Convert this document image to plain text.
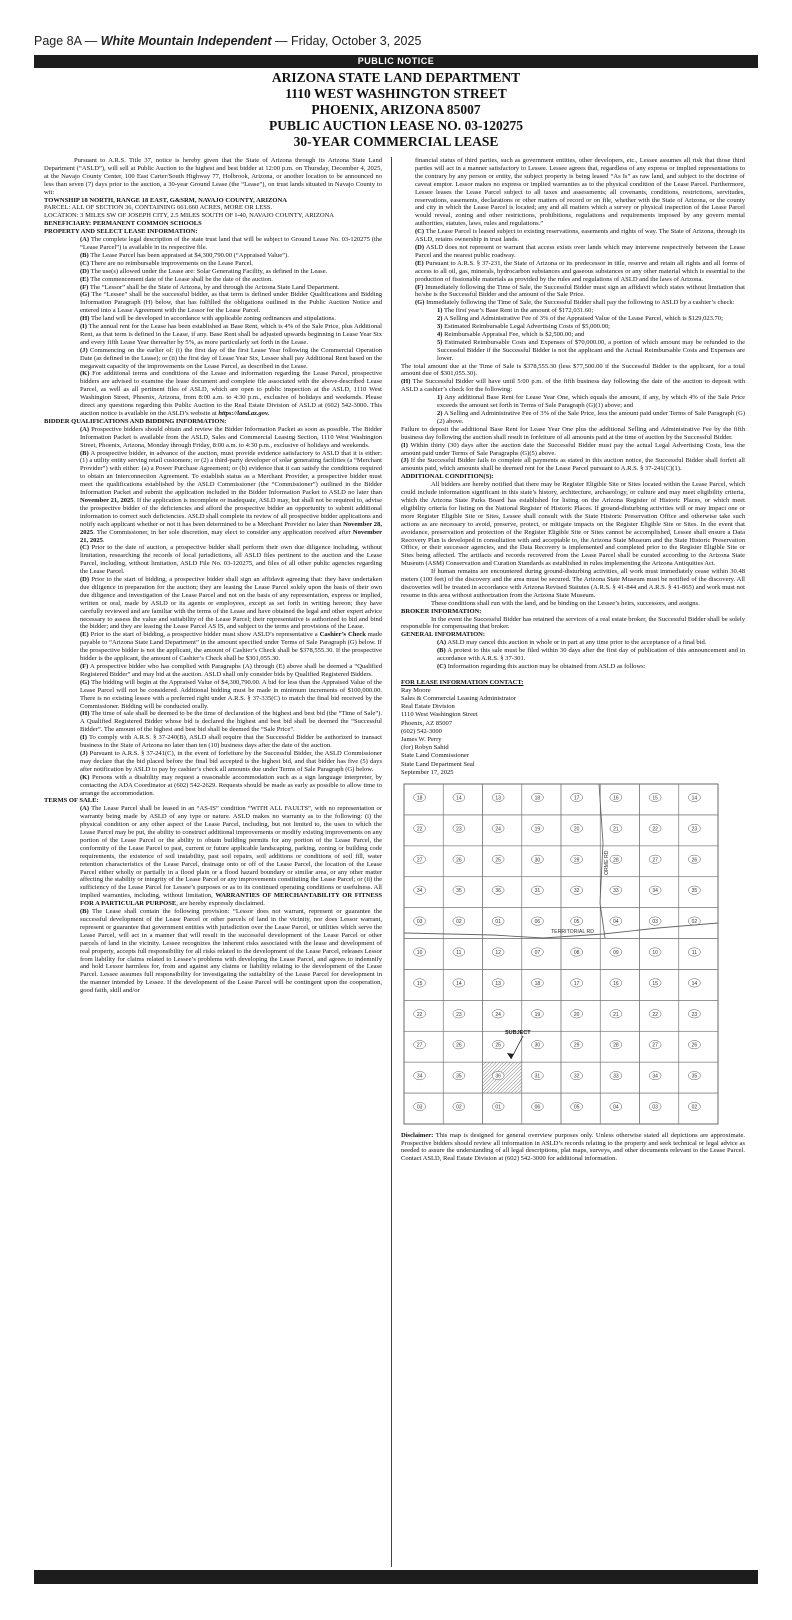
Page 8A — White Mountain Independent — Friday, October 3, 2025
PUBLIC NOTICE
ARIZONA STATE LAND DEPARTMENT
1110 WEST WASHINGTON STREET
PHOENIX, ARIZONA 85007
PUBLIC AUCTION LEASE NO. 03-120275
30-YEAR COMMERCIAL LEASE

Pursuant to A.R.S. Title 37, notice is hereby given that the State of Arizona through its Arizona State Land Department (“ASLD”), will sell at Public Auction to the highest and best bidder at 12:00 p.m. on Thursday, December 4, 2025, at the Navajo County Center, 100 East Carter/South Highway 77, Holbrook, Arizona, or another location to be announced no less than seven (7) days prior to the auction, a 30-year Ground Lease (the “Lease”), on trust lands situated in Navajo County to wit:

TOWNSHIP 18 NORTH, RANGE 18 EAST, G&SRM, NAVAJO COUNTY, ARIZONA

PARCEL: ALL OF SECTION 36, CONTAINING 661.660 ACRES, MORE OR LESS.

LOCATION: 3 MILES SW OF JOSEPH CITY, 2.5 MILES SOUTH OF I-40, NAVAJO COUNTY, ARIZONA

BENEFICIARY: PERMANENT COMMON SCHOOLS

PROPERTY AND SELECT LEASE INFORMATION:

(A) The complete legal description of the state trust land that will be subject to Ground Lease No. 03-120275 (the “Lease Parcel”) is available in its respective file.

(B) The Lease Parcel has been appraised at $4,300,790.00 (“Appraised Value”).

(C) There are no reimbursable improvements on the Lease Parcel.

(D) The use(s) allowed under the Lease are: Solar Generating Facility, as defined in the Lease.

(E) The commencement date of the Lease shall be the date of the auction.

(F) The “Lessor” shall be the State of Arizona, by and through the Arizona State Land Department.

(G) The “Lessee” shall be the successful bidder, as that term is defined under Bidder Qualifications and Bidding Information Paragraph (H) below, that has fulfilled the obligations outlined in the Public Auction Notice and entered into a Lease Agreement with the Lessor for the Lease Parcel.

(H) The land will be developed in accordance with applicable zoning ordinances and stipulations.

(I) The annual rent for the Lease has been established as Base Rent, which is 4% of the Sale Price, plus Additional Rent, as that term is defined in the Lease, if any. Base Rent shall be adjusted upwards beginning in Lease Year Six and every fifth Lease Year thereafter by 5%, as more particularly set forth in the Lease.

(J) Commencing on the earlier of: (i) the first day of the first Lease Year following the Commercial Operation Date (as defined in the Lease); or (ii) the first day of Lease Year Six, Lessee shall pay Additional Rent based on the megawatt capacity of the improvements on the Lease Parcel, as described in the Lease.

(K) For additional terms and conditions of the Lease and information regarding the Lease Parcel, prospective bidders are advised to examine the lease document and complete file associated with the above-described Lease Parcel, as well as all pertinent files of ASLD, which are open to public inspection at the ASLD, 1110 West Washington Street, Phoenix, Arizona, from 8:00 a.m. to 4:30 p.m., exclusive of holidays and weekends. Please direct any questions regarding this Public Auction to the Real Estate Division of ASLD at (602) 542-3000. This auction notice is available on the ASLD’s website at https://land.az.gov.

BIDDER QUALIFICATIONS AND BIDDING INFORMATION:

(A) Prospective bidders should obtain and review the Bidder Information Packet as soon as possible. The Bidder Information Packet is available from the ASLD, Sales and Commercial Leasing Section, 1110 West Washington Street, Phoenix, Arizona, Monday through Friday, 8:00 a.m. to 4:30 p.m., exclusive of holidays and weekends.

(B) A prospective bidder, in advance of the auction, must provide evidence satisfactory to ASLD that it is either: (1) a utility entity serving retail customers; or (2) a third-party developer of solar generating facilities (a “Merchant Provider”) with either: (a) a Power Purchase Agreement; or (b) evidence that it can satisfy the conditions required to obtain an Interconnection Agreement. To establish status as a Merchant Provider, a prospective bidder must meet the qualifications established by the ASLD Commissioner (the “Commissioner”) outlined in the Bidder Information Packet and submit the application included in the Bidder Information Packet to ASLD no later than November 21, 2025. If the application is incomplete or inadequate, ASLD may, but shall not be required to, advise the prospective bidder of the deficiencies and afford the prospective bidder an opportunity to submit additional information to correct such deficiencies. ASLD shall complete its review of all prospective bidder applications and notify each applicant whether or not it has been determined to be a Merchant Provider no later than November 28, 2025. The Commissioner, in her sole discretion, may elect to consider any application received after November 21, 2025.

(C) Prior to the date of auction, a prospective bidder shall perform their own due diligence including, without limitation, researching the records of local jurisdictions, all ASLD files pertinent to the auction and the Lease Parcel, including, without limitation, ASLD File No. 03-120275, and files of all other public agencies regarding the Lease Parcel.

(D) Prior to the start of bidding, a prospective bidder shall sign an affidavit agreeing that: they have undertaken due diligence in preparation for the auction; they are leasing the Lease Parcel solely upon the basis of their own due diligence and investigation of the Lease Parcel and not on the basis of any representation, express or implied, written or oral, made by ASLD or its agents or employees, except as set forth in writing hereon; they have carefully reviewed and are familiar with the terms of the Lease and have obtained the legal and other expert advice necessary to assess the value and suitability of the Lease Parcel; their representative is authorized to bid and bind the bidder; and they are leasing the Lease Parcel AS IS, and subject to the terms and provisions of the Lease.

(E) Prior to the start of bidding, a prospective bidder must show ASLD’s representative a Cashier’s Check made payable to “Arizona State Land Department” in the amount specified under Terms of Sale Paragraph (G) below. If the prospective bidder is not the applicant, the amount of Cashier’s Check shall be $378,555.30. If the prospective bidder is the applicant, the amount of Cashier’s Check shall be $301,055.30.

(F) A prospective bidder who has complied with Paragraphs (A) through (E) above shall be deemed a “Qualified Registered Bidder” and may bid at the auction. ASLD shall only consider bids by Qualified Registered Bidders.

(G) The bidding will begin at the Appraised Value of $4,300,790.00. A bid for less than the Appraised Value of the Lease Parcel will not be considered. Additional bidding must be made in minimum increments of $100,000.00. There is no existing lessee with a preferred right under A.R.S. § 37-335(C) to match the final bid received by the Commissioner. Bidding will be conducted orally.

(H) The time of sale shall be deemed to be the time of declaration of the highest and best bid (the “Time of Sale”). A Qualified Registered Bidder whose bid is declared the highest and best bid shall be deemed the “Successful Bidder”. The amount of the highest and best bid shall be deemed the “Sale Price”.

(I) To comply with A.R.S. § 37-240(B), ASLD shall require that the Successful Bidder be authorized to transact business in the State of Arizona no later than ten (10) business days after the date of the auction.

(J) Pursuant to A.R.S. § 37-241(C), in the event of forfeiture by the Successful Bidder, the ASLD Commissioner may declare that the bid placed before the final bid accepted is the highest bid, and that bidder has five (5) days after notification by ASLD to pay by cashier’s check all amounts due under Terms of Sale Paragraph (G) below.

(K) Persons with a disability may request a reasonable accommodation such as a sign language interpreter, by contacting the ADA Coordinator at (602) 542-2629. Requests should be made as early as possible to allow time to arrange the accommodation.

TERMS OF SALE:

(A) The Lease Parcel shall be leased in an “AS-IS” condition “WITH ALL FAULTS”, with no representation or warranty being made by ASLD of any type or nature. ASLD makes no warranty as to the following: (i) the physical condition or any other aspect of the Lease Parcel, including, but not limited to, the uses to which the Lease Parcel may be put, the ability to construct additional improvements or modify existing improvements on any portion of the Lease Parcel or the ability to obtain building permits for any portion of the Lease Parcel, the conformity of the Lease Parcel to past, current or future applicable landscaping, parking, zoning or building code requirements, the existence of soil instability, past soil repairs, soil additions or conditions of soil fill, water retention characteristics of the Lease Parcel, drainage onto or off of the Lease Parcel, the location of the Lease Parcel either wholly or partially in a flood plain or a flood hazard boundary or similar area, or any other matter affecting the stability or integrity of the Lease Parcel or any improvements constituting the Lease Parcel; or (ii) the sufficiency of the Lease Parcel for Lessee’s purposes or as to its continued operating conditions or usefulness. All implied warranties, including, without limitation, WARRANTIES OF MERCHANTABILITY OR FITNESS FOR A PARTICULAR PURPOSE, are hereby expressly disclaimed.

(B) The Lease shall contain the following provision: “Lessor does not warrant, represent or guarantee the successful development of the Lease Parcel or other parcels of land in the vicinity, nor does Lessor warrant, represent or guarantee that government entities with jurisdiction over the Lease Parcel, or utilities which serve the Lease Parcel, will act in a manner that will result in the successful development of the Lease Parcel or other parcels of land in the vicinity. Lessee recognizes the inherent risks associated with the lease and development of real property, accepts full responsibility for all risks related to the development of the Lease Parcel, releases Lessor from liability for claims related to Lessee’s problems with developing the Lease Parcel, and agrees to indemnify and hold Lessor harmless for, from and against any claims or liability relating to the development of the Lease Parcel. Lessee assumes full responsibility for investigating the suitability of the Lease Parcel for development in the manner intended by Lessee. If the development of the Lease Parcel will be contingent upon the cooperation, good faith, skill and/or

financial status of third parties, such as government entities, other developers, etc., Lessee assumes all risk that those third parties will act in a manner satisfactory to Lessee. Lessee agrees that, regardless of any express or implied representations to the contrary by any person or entity, the subject property is being leased “As Is” as raw land, and subject to the doctrine of caveat emptor. Lessor makes no express or implied warranties as to the physical condition of the Lease Parcel. Furthermore, Lessee leases the Lease Parcel subject to all taxes and assessments; all covenants, conditions, restrictions, servitudes, reservations, easements, declarations or other matters of record or on file, whether with the State of Arizona, or the county and city in which the Lease Parcel is located; any and all matters which a survey or physical inspection of the Lease Parcel would reveal, zoning and other restrictions, prohibitions, regulations and requirements imposed by any govern mental authorities, statutes, laws, rules and regulations.”

(C) The Lease Parcel is leased subject to existing reservations, easements and rights of way. The State of Arizona, through its ASLD, retains ownership in trust lands.

(D) ASLD does not represent or warrant that access exists over lands which may intervene respectively between the Lease Parcel and the nearest public roadway.

(E) Pursuant to A.R.S. § 37-231, the State of Arizona or its predecessor in title, reserve and retain all rights and all forms of access to all oil, gas, minerals, hydrocarbon substances and gaseous substances or any other material which is essential to the production of fissionable materials as provided by the rules and regulations of ASLD and the laws of Arizona.

(F) Immediately following the Time of Sale, the Successful Bidder must sign an affidavit which states without limitation that he/she is the Successful Bidder and the amount of the Sale Price.

(G) Immediately following the Time of Sale, the Successful Bidder shall pay the following to ASLD by a cashier’s check:

1) The first year’s Base Rent in the amount of $172,031.60;

2) A Selling and Administrative Fee of 3% of the Appraised Value of the Lease Parcel, which is $129,023.70;

3) Estimated Reimbursable Legal Advertising Costs of $5,000.00;

4) Reimbursable Appraisal Fee, which is $2,500.00; and

5) Estimated Reimbursable Costs and Expenses of $70,000.00, a portion of which amount may be refunded to the Successful Bidder if the Successful Bidder is not the applicant and the Actual Reimbursable Costs and Expenses are lower.

The total amount due at the Time of Sale is $378,555.30 (less $77,500.00 if the Successful Bidder is the applicant, for a total amount due of $301,055.30).

(H) The Successful Bidder will have until 5:00 p.m. of the fifth business day following the date of the auction to deposit with ASLD a cashier’s check for the following:

1) Any additional Base Rent for Lease Year One, which equals the amount, if any, by which 4% of the Sale Price exceeds the amount set forth in Terms of Sale Paragraph (G)(1) above; and

2) A Selling and Administrative Fee of 3% of the Sale Price, less the amount paid under Terms of Sale Paragraph (G)(2) above.

Failure to deposit the additional Base Rent for Lease Year One plus the additional Selling and Administrative Fee by the fifth business day following the auction shall result in forfeiture of all amounts paid at the time of auction by the Successful Bidder.

(I) Within thirty (30) days after the auction date the Successful Bidder must pay the actual Legal Advertising Costs, less the amount paid under Terms of Sale Paragraphs (G)(5) above.

(J) If the Successful Bidder fails to complete all payments as stated in this auction notice, the Successful Bidder shall forfeit all amounts paid, which amounts shall be deemed rent for the Lease Parcel pursuant to A.R.S. § 37-241(C)(1).

ADDITIONAL CONDITION(S):

All bidders are hereby notified that there may be Register Eligible Site or Sites located within the Lease Parcel, which could include information significant in this state’s history, architecture, archaeology, or culture and may meet eligibility criteria, which the Arizona State Parks Board has established for listing on the Arizona Register of Historic Places, or which meet eligibility criteria for listing on the National Register of Historic Places. If ground-disturbing activities will or may impact one or more Register Eligible Site or Sites, Lessee shall consult with the State Historic Preservation Office and otherwise take such actions as are necessary to avoid, preserve, protect, or mitigate impacts on the Register Eligible Site or Sites. In the event that avoidance, preservation and protection of the Register Eligible Site or Sites cannot be accomplished, Lessee shall ensure a Data Recovery Plan is developed in consultation with and acceptable to, the Arizona State Museum and the State Historic Preservation Office, or their successor agencies, and the Data Recovery is implemented and completed prior to the Register Eligible Site or Sites being affected. The artifacts and records recovered from the Lease Parcel shall be curated according to the Arizona State Museum (ASM) Conservation and Curation Standards as established in rules implementing the Arizona Antiquities Act.

If human remains are encountered during ground-disturbing activities, all work must immediately cease within 30.48 meters (100 feet) of the discovery and the area must be secured. The Arizona State Museum must be notified of the discovery. All discoveries will be treated in accordance with Arizona Revised Statutes (A.R.S. § 41-844 and A.R.S. § 41-865) and work must not resume in this area without authorization from the Arizona State Museum.

These conditions shall run with the land, and be binding on the Lessee’s heirs, successors, and assigns.

BROKER INFORMATION:

In the event the Successful Bidder has retained the services of a real estate broker, the Successful Bidder shall be solely responsible for compensating that broker.

GENERAL INFORMATION:

(A) ASLD may cancel this auction in whole or in part at any time prior to the acceptance of a final bid.

(B) A protest to this sale must be filed within 30 days after the first day of publication of this announcement and in accordance with A.R.S. § 37-301.

(C) Information regarding this auction may be obtained from ASLD as follows:

FOR LEASE INFORMATION CONTACT:

Ray Moore
Sales & Commercial Leasing Administrator
Real Estate Division
1110 West Washington Street
Phoenix, AZ 85007
(602) 542-3000
James W. Perry
(for) Robyn Sahid
State Land Commissioner
State Land Department Seal
September 17, 2025
18	14	13	18	17	16	15	14
22	23	24	19	20	21	22	23
27	26	25	30	29	28	27	26
34	35	36	31	32	33	34	35
03	02	01	06	05	04	03	02
10	11	12	07	08	09	10	11
15	14	13	18	17	16	15	14
22	23	24	19	20	21	22	23
27	26	25	30	29	28	27	26
34	35	36	31	32	33	34	35
03	02	01	06	05	04	03	02
TERRITORIAL RD
ORME RD
SUBJECT

Disclaimer: This map is designed for general overview purposes only. Unless otherwise stated all depictions are approximate. Prospective bidders should review all information in ASLD’s records relating to the property and seek technical or legal advice as needed to assure the understanding of all legal descriptions, plat maps, surveys, and other documents relevant to the Lease Parcel. Contact ASLD, Real Estate Division at (602) 542-3000 for additional information.
